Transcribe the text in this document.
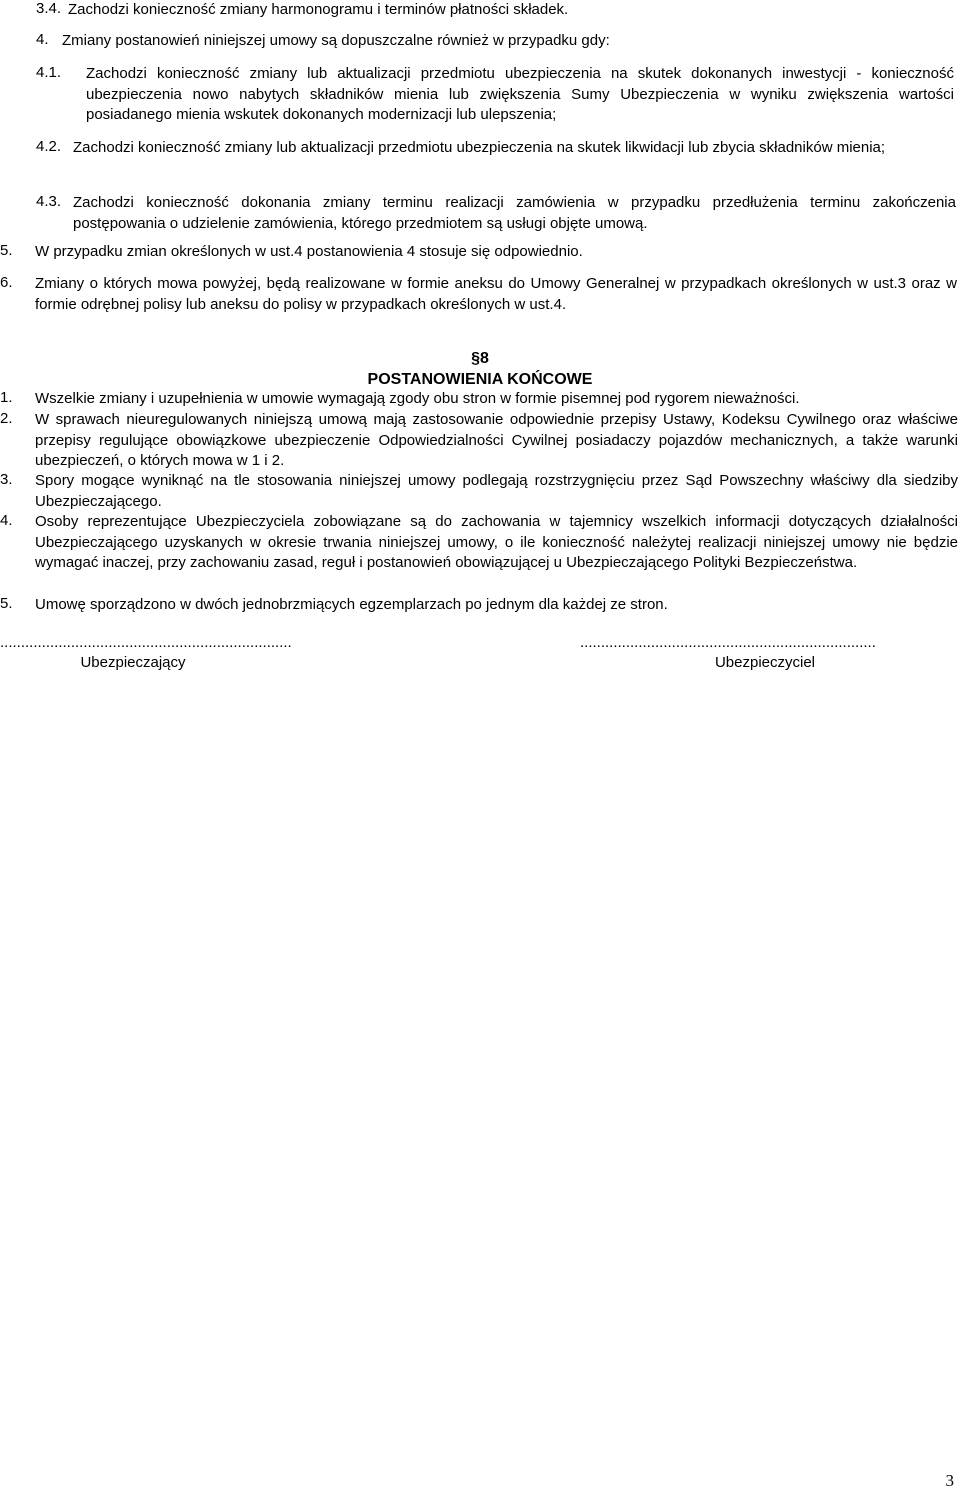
3.4. Zachodzi konieczność zmiany harmonogramu i terminów płatności składek.

4. Zmiany postanowień niniejszej umowy są dopuszczalne również w przypadku gdy:

4.1.	Zachodzi konieczność zmiany lub aktualizacji przedmiotu ubezpieczenia na skutek dokonanych inwestycji - konieczność ubezpieczenia nowo nabytych składników mienia lub zwiększenia Sumy Ubezpieczenia w wyniku zwiększenia wartości posiadanego mienia wskutek dokonanych modernizacji lub ulepszenia;

4.2. Zachodzi konieczność zmiany lub aktualizacji przedmiotu ubezpieczenia na skutek likwidacji lub zbycia składników mienia;

4.3. Zachodzi konieczność dokonania zmiany terminu realizacji zamówienia w przypadku przedłużenia terminu zakończenia postępowania o udzielenie zamówienia, którego przedmiotem są usługi objęte umową.

5.	W przypadku zmian określonych w ust.4 postanowienia 4 stosuje się odpowiednio.

6.	Zmiany o których mowa powyżej, będą realizowane w formie aneksu do Umowy Generalnej w przypadkach określonych w ust.3 oraz w formie odrębnej polisy lub aneksu do polisy w przypadkach określonych w ust.4.

§8
POSTANOWIENIA KOŃCOWE
1.	Wszelkie zmiany i uzupełnienia w umowie wymagają zgody obu stron w formie pisemnej pod rygorem nieważności.

2.	W sprawach nieuregulowanych niniejszą umową mają zastosowanie odpowiednie przepisy Ustawy, Kodeksu Cywilnego oraz właściwe przepisy regulujące obowiązkowe ubezpieczenie Odpowiedzialności Cywilnej posiadaczy pojazdów mechanicznych, a także warunki ubezpieczeń, o których mowa w 1 i 2.

3.	Spory mogące wyniknąć na tle stosowania niniejszej umowy podlegają rozstrzygnięciu przez Sąd Powszechny właściwy dla siedziby Ubezpieczającego.

4.	Osoby reprezentujące Ubezpieczyciela zobowiązane są do zachowania w tajemnicy wszelkich informacji dotyczących działalności Ubezpieczającego uzyskanych w okresie trwania niniejszej umowy, o ile konieczność należytej realizacji niniejszej umowy nie będzie wymagać inaczej, przy zachowaniu zasad, reguł i postanowień obowiązującej u Ubezpieczającego Polityki Bezpieczeństwa.

5.	Umowę sporządzono w dwóch jednobrzmiących egzemplarzach po jednym dla każdej ze stron.

......................................................................
Ubezpieczający
.......................................................................
Ubezpieczyciel
3
